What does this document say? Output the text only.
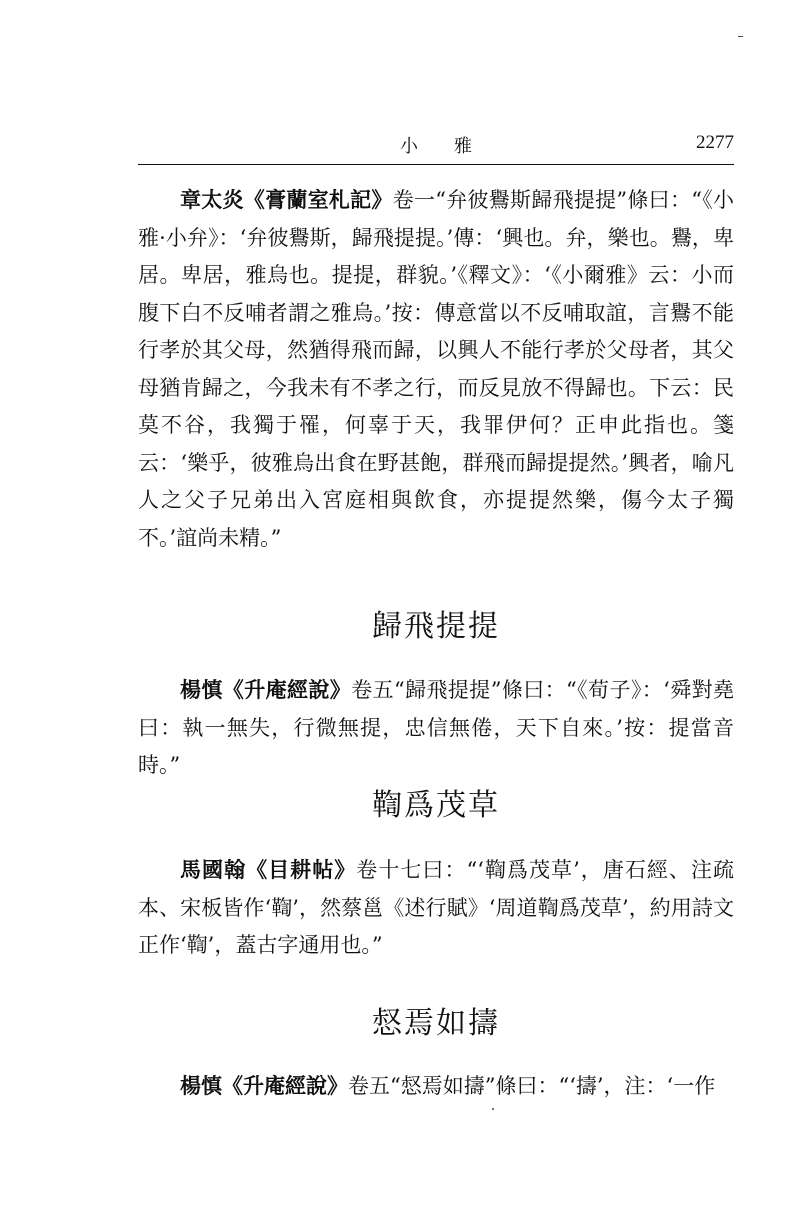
小雅	2277

章太炎《膏蘭室札記》卷一“弁彼鸒斯歸飛提提”條曰：“《小雅·小弁》：‘弁彼鸒斯，歸飛提提。’傳：‘興也。弁，樂也。鸒，卑居。卑居，雅烏也。提提，群貌。’《釋文》：‘《小爾雅》云：小而腹下白不反哺者謂之雅烏。’按：傳意當以不反哺取誼，言鸒不能行孝於其父母，然猶得飛而歸，以興人不能行孝於父母者，其父母猶肯歸之，今我未有不孝之行，而反見放不得歸也。下云：民莫不谷，我獨于罹，何辜于天，我罪伊何？正申此指也。箋云：‘樂乎，彼雅烏出食在野甚飽，群飛而歸提提然。’興者，喻凡人之父子兄弟出入宮庭相與飲食，亦提提然樂，傷今太子獨不。’誼尚未精。”

歸飛提提

楊慎《升庵經說》卷五“歸飛提提”條曰：“《荀子》：‘舜對堯曰：執一無失，行微無提，忠信無倦，天下自來。’按：提當音時。”

鞫爲茂草

馬國翰《目耕帖》卷十七曰：“‘鞫爲茂草’，唐石經、注疏本、宋板皆作‘鞫’，然蔡邕《述行賦》‘周道鞫爲茂草’，約用詩文正作‘鞫’，蓋古字通用也。”

惄焉如擣

楊慎《升庵經說》卷五“惄焉如擣”條曰：“‘擣’，注：‘一作
